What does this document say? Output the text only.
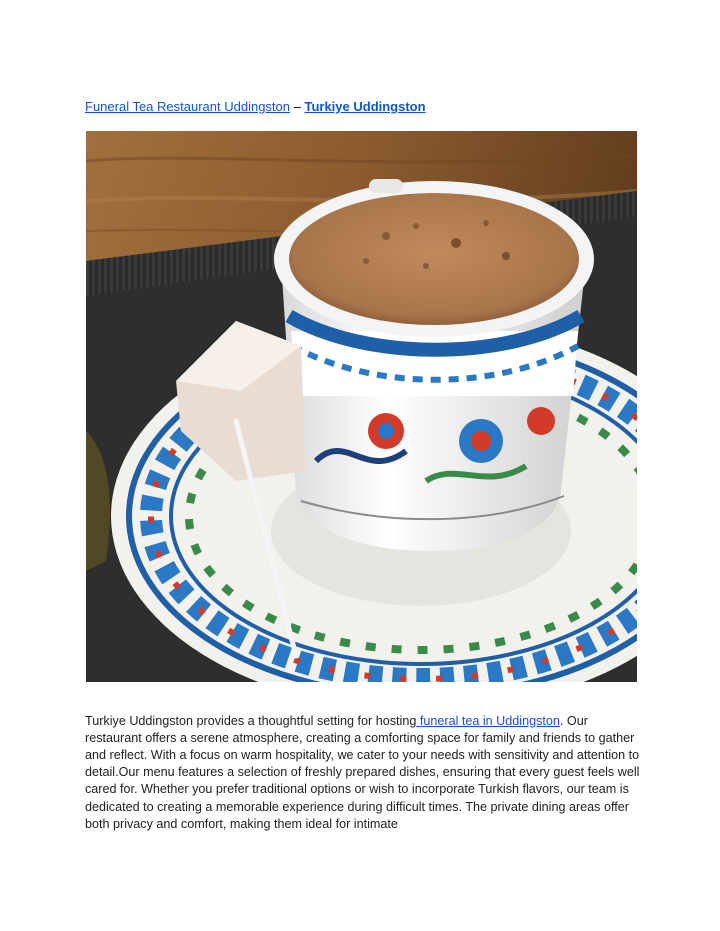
Funeral Tea Restaurant Uddingston – Turkiye Uddingston

Turkiye Uddingston provides a thoughtful setting for hosting funeral tea in Uddingston. Our restaurant offers a serene atmosphere, creating a comforting space for family and friends to gather and reflect. With a focus on warm hospitality, we cater to your needs with sensitivity and attention to detail.Our menu features a selection of freshly prepared dishes, ensuring that every guest feels well cared for. Whether you prefer traditional options or wish to incorporate Turkish flavors, our team is dedicated to creating a memorable experience during difficult times. The private dining areas offer both privacy and comfort, making them ideal for intimate
